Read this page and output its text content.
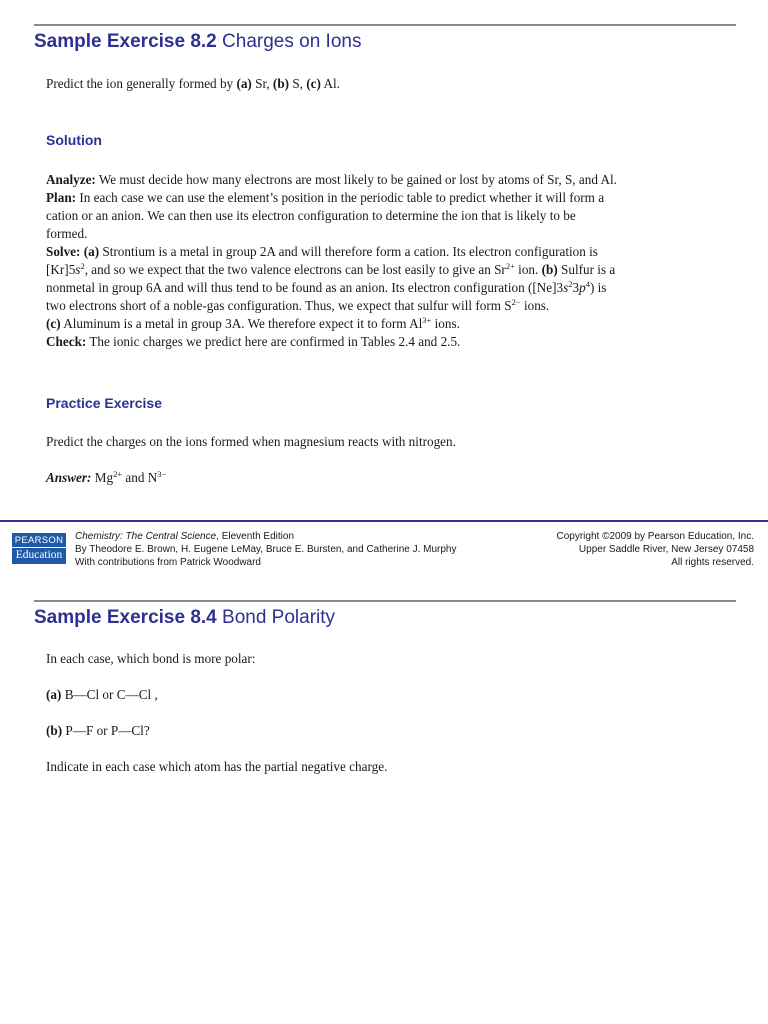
Sample Exercise 8.2 Charges on Ions
Predict the ion generally formed by (a) Sr, (b) S, (c) Al.
Solution
Analyze: We must decide how many electrons are most likely to be gained or lost by atoms of Sr, S, and Al.
Plan: In each case we can use the element’s position in the periodic table to predict whether it will form a
cation or an anion. We can then use its electron configuration to determine the ion that is likely to be
formed.
Solve: (a) Strontium is a metal in group 2A and will therefore form a cation. Its electron configuration is
$[Kr]5s^2$, and so we expect that the two valence electrons can be lost easily to give an $Sr^{2+}$ ion. (b) Sulfur is a
nonmetal in group 6A and will thus tend to be found as an anion. Its electron configuration $([Ne]3s^23p^4)$ is
two electrons short of a noble-gas configuration. Thus, we expect that sulfur will form $S^{2-}$ ions.
(c) Aluminum is a metal in group 3A. We therefore expect it to form $Al^{3+}$ ions.
Check: The ionic charges we predict here are confirmed in Tables 2.4 and 2.5.
Practice Exercise
Predict the charges on the ions formed when magnesium reacts with nitrogen.
Answer: $Mg^{2+}$ and $N^{3-}$
PEARSON
Education
Chemistry: The Central Science, Eleventh Edition
By Theodore E. Brown, H. Eugene LeMay, Bruce E. Bursten, and Catherine J. Murphy
With contributions from Patrick Woodward
Copyright ©2009 by Pearson Education, Inc.
Upper Saddle River, New Jersey 07458
All rights reserved.
Sample Exercise 8.4 Bond Polarity
In each case, which bond is more polar:
(a) B—Cl or C—Cl ,
(b) P—F or P—Cl?
Indicate in each case which atom has the partial negative charge.
